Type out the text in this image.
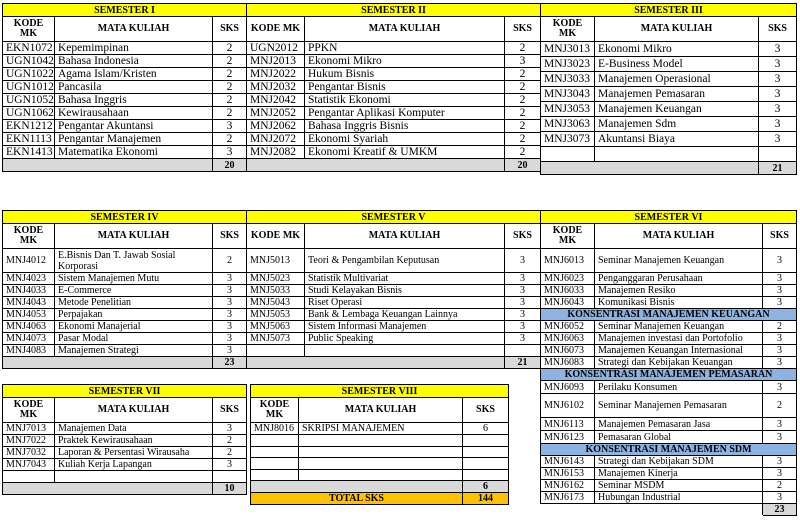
SEMESTER I		
KODE MK	MATA KULIAH	SKS
EKN1072	Kepemimpinan	2
UGN1042	Bahasa Indonesia	2
UGN1022	Agama Islam/Kristen	2
UGN1012	Pancasila	2
UGN1052	Bahasa Inggris	2
UGN1062	Kewirausahaan	2
EKN1212	Pengantar Akuntansi	3
EKN1113	Pengantar Manajemen	2
EKN1413	Matematika Ekonomi	3
		20
SEMESTER II		
KODE MK	MATA KULIAH	SKS
UGN2012	PPKN	2
MNJ2013	Ekonomi Mikro	3
MNJ2022	Hukum Bisnis	2
MNJ2032	Pengantar Bisnis	2
MNJ2042	Statistik Ekonomi	2
MNJ2052	Pengantar Aplikasi Komputer	2
MNJ2062	Bahasa Inggris Bisnis	2
MNJ2072	Ekonomi Syariah	2
MNJ2082	Ekonomi Kreatif & UMKM	2
		20
SEMESTER III		
KODE MK	MATA KULIAH	SKS
MNJ3013	Ekonomi Mikro	3
MNJ3023	E-Business Model	3
MNJ3033	Manajemen Operasional	3
MNJ3043	Manajemen Pemasaran	3
MNJ3053	Manajemen Keuangan	3
MNJ3063	Manajemen Sdm	3
MNJ3073	Akuntansi Biaya	3

		21
SEMESTER IV		
KODE MK	MATA KULIAH	SKS
MNJ4012	E.Bisnis Dan T. Jawab Sosial Korporasi	2
MNJ4023	Sistem Manajemen Mutu	3
MNJ4033	E-Commerce	3
MNJ4043	Metode Penelitian	3
MNJ4053	Perpajakan	3
MNJ4063	Ekonomi Manajerial	3
MNJ4073	Pasar Modal	3
MNJ4083	Manajemen Strategi	3
		23
SEMESTER V		
KODE MK	MATA KULIAH	SKS
MNJ5013	Teori & Pengambilan Keputusan	3
MNJ5023	Statistik Multivariat	3
MNJ5033	Studi Kelayakan Bisnis	3
MNJ5043	Riset Operasi	3
MNJ5053	Bank & Lembaga Keuangan Lainnya	3
MNJ5063	Sistem Informasi Manajemen	3
MNJ5073	Public Speaking	3

		21
SEMESTER VI		
KODE MK	MATA KULIAH	SKS
MNJ6013	Seminar Manajemen Keuangan	3
MNJ6023	Penganggaran Perusahaan	3
MNJ6033	Manajemen Resiko	3
MNJ6043	Komunikasi Bisnis	3
KONSENTRASI MANAJEMEN KEUANGAN		
MNJ6052	Seminar Manajemen Keuangan	2
MNJ6063	Manajemen investasi dan Portofolio	3
MNJ6073	Manajemen Keuangan Internasional	3
MNJ6083	Strategi dan Kebijakan Keuangan	3
KONSENTRASI MANAJEMEN PEMASARAN		
MNJ6093	Perilaku Konsumen	3
MNJ6102	Seminar Manajemen Pemasaran	2
MNJ6113	Manajemen Pemasaran Jasa	3
MNJ6123	Pemasaran Global	3
KONSENTRASI MANAJEMEN SDM		
MNJ6143	Strategi dan Kebijakan SDM	3
MNJ6153	Manajemen Kinerja	3
MNJ6162	Seminar MSDM	2
MNJ6173	Hubungan Industrial	3
		23
SEMESTER VII		
KODE MK	MATA KULIAH	SKS
MNJ7013	Manajemen Data	3
MNJ7022	Praktek Kewirausahaan	2
MNJ7032	Laporan & Persentasi Wirausaha	2
MNJ7043	Kuliah Kerja Lapangan	3

		10
SEMESTER VIII		
KODE MK	MATA KULIAH	SKS
MNJ8016	SKRIPSI MANAJEMEN	6

		6
TOTAL SKS		144
